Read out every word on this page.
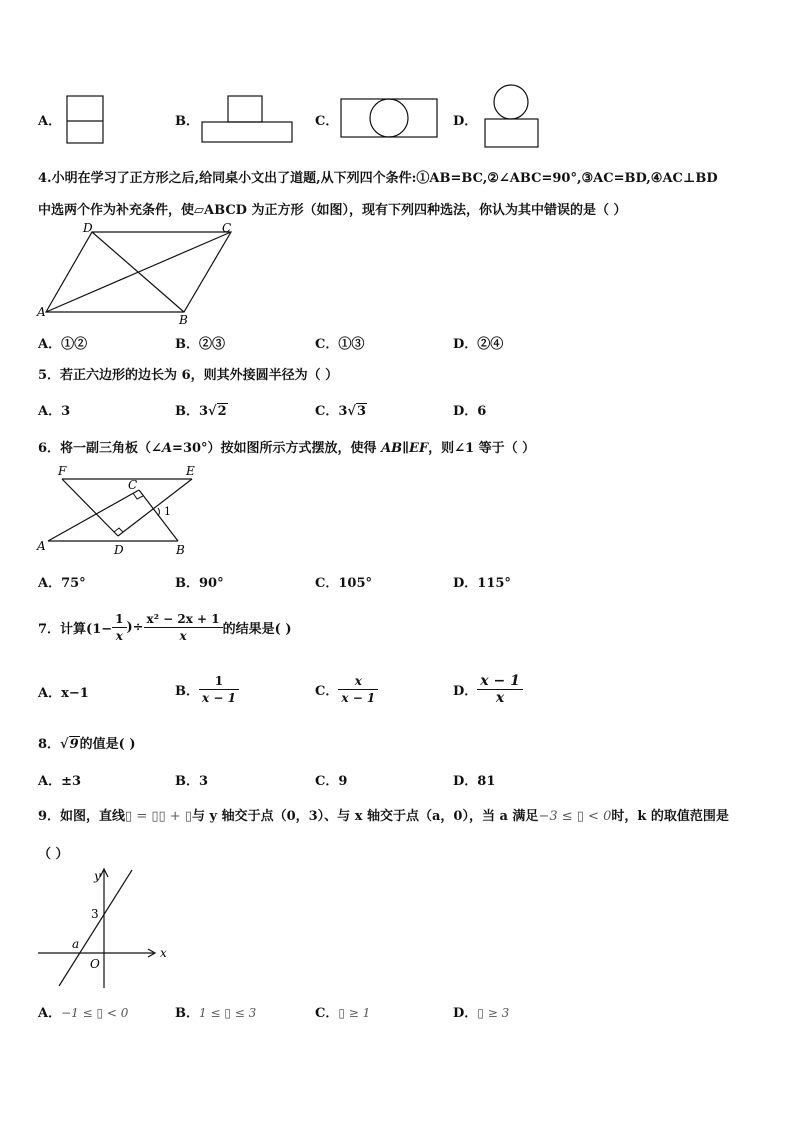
A．	B．	C．	D．
4.小明在学习了正方形之后,给同桌小文出了道题,从下列四个条件:①AB=BC,②∠ABC=90°,③AC=BD,④AC⊥BD
中选两个作为补充条件，使▱ABCD 为正方形（如图），现有下列四种选法，你认为其中错误的是（ ）
D	C
A
B
A．①②	B．②③	C．①③	D．②④
5．若正六边形的边长为 6，则其外接圆半径为（ ）
A．3	B．3√2	C．3√3	D．6
6．将一副三角板（∠A=30°）按如图所示方式摆放，使得 AB∥EF，则∠1 等于（ ）
F	E
C
1
A	D	B
A．75°	B．90°	C．105°	D．115°
7．计算($1- \frac{1}{x}$ )÷ $\frac{\text{x² − 2x + 1}}{x}$ 的结果是( )
A．x−1	B． $\frac{1}{x - 1}$	C． $\frac{x}{x - 1}$	D． $\frac{x - 1}{x}$
8．√9的值是( )
A．±3	B．3	C．9	D．81
9．如图，直线▯ = ▯▯ + ▯与 y 轴交于点（0，3）、与 x 轴交于点（a，0），当 a 满足−3 ≤ ▯ < 0时，k 的取值范围是
（ ）
y
x
3
a
O
A．−1 ≤ ▯ < 0	B．1 ≤ ▯ ≤ 3	C．▯ ≥ 1	D．▯ ≥ 3
